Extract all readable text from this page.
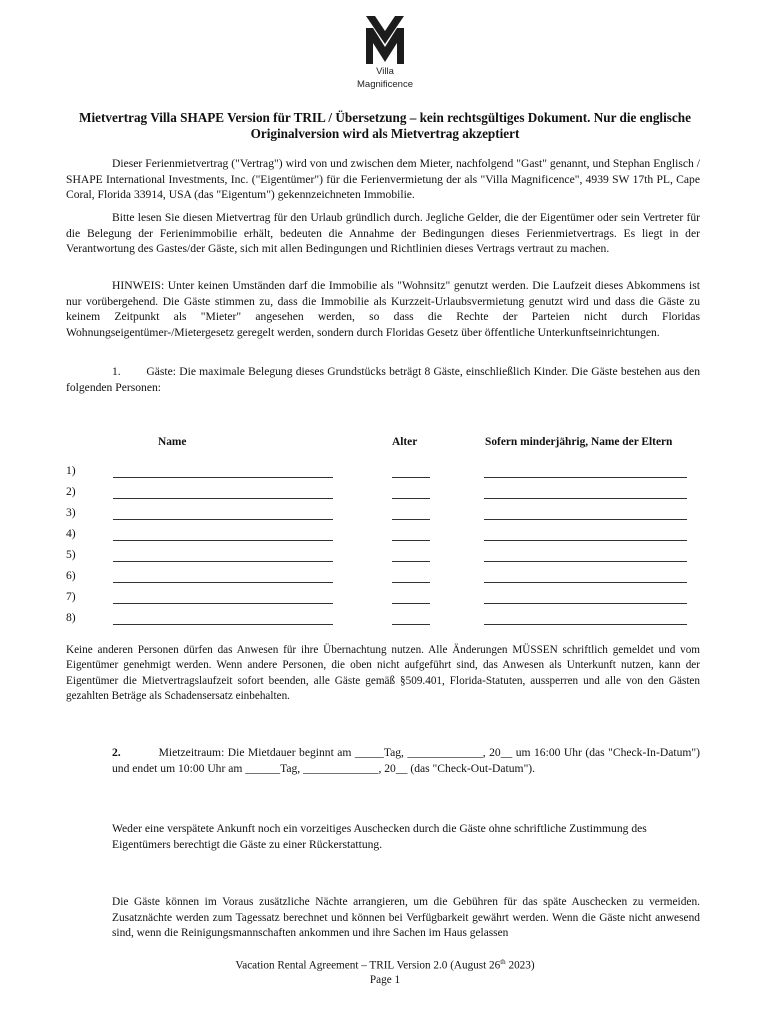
Villa
Magnificence
Mietvertrag Villa SHAPE Version für TRIL / Übersetzung – kein rechtsgültiges Dokument. Nur die englische Originalversion wird als Mietvertrag akzeptiert
Dieser Ferienmietvertrag ("Vertrag") wird von und zwischen dem Mieter, nachfolgend "Gast" genannt, und Stephan Englisch / SHAPE International Investments, Inc. ("Eigentümer") für die Ferienvermietung der als "Villa Magnificence", 4939 SW 17th PL, Cape Coral, Florida 33914, USA (das "Eigentum") gekennzeichneten Immobilie.
Bitte lesen Sie diesen Mietvertrag für den Urlaub gründlich durch. Jegliche Gelder, die der Eigentümer oder sein Vertreter für die Belegung der Ferienimmobilie erhält, bedeuten die Annahme der Bedingungen dieses Ferienmietvertrags. Es liegt in der Verantwortung des Gastes/der Gäste, sich mit allen Bedingungen und Richtlinien dieses Vertrags vertraut zu machen.
HINWEIS: Unter keinen Umständen darf die Immobilie als "Wohnsitz" genutzt werden. Die Laufzeit dieses Abkommens ist nur vorübergehend. Die Gäste stimmen zu, dass die Immobilie als Kurzzeit-Urlaubsvermietung genutzt wird und dass die Gäste zu keinem Zeitpunkt als "Mieter" angesehen werden, so dass die Rechte der Parteien nicht durch Floridas Wohnungseigentümer-/Mietergesetz geregelt werden, sondern durch Floridas Gesetz über öffentliche Unterkunftseinrichtungen.
1. Gäste: Die maximale Belegung dieses Grundstücks beträgt 8 Gäste, einschließlich Kinder. Die Gäste bestehen aus den folgenden Personen:
Name	Alter	Sofern minderjährig, Name der Eltern
1)
2)
3)
4)
5)
6)
7)
8)
Keine anderen Personen dürfen das Anwesen für ihre Übernachtung nutzen. Alle Änderungen MÜSSEN schriftlich gemeldet und vom Eigentümer genehmigt werden. Wenn andere Personen, die oben nicht aufgeführt sind, das Anwesen als Unterkunft nutzen, kann der Eigentümer die Mietvertragslaufzeit sofort beenden, alle Gäste gemäß §509.401, Florida-Statuten, aussperren und alle von den Gästen gezahlten Beträge als Schadensersatz einbehalten.
2.	Mietzeitraum: Die Mietdauer beginnt am _____Tag, _____________, 20__ um 16:00 Uhr (das "Check-In-Datum") und endet um 10:00 Uhr am ______Tag, _____________, 20__ (das "Check-Out-Datum").
Weder eine verspätete Ankunft noch ein vorzeitiges Auschecken durch die Gäste ohne schriftliche Zustimmung des Eigentümers berechtigt die Gäste zu einer Rückerstattung.
Die Gäste können im Voraus zusätzliche Nächte arrangieren, um die Gebühren für das späte Auschecken zu vermeiden. Zusatznächte werden zum Tagessatz berechnet und können bei Verfügbarkeit gewährt werden. Wenn die Gäste nicht anwesend sind, wenn die Reinigungsmannschaften ankommen und ihre Sachen im Haus gelassen
Vacation Rental Agreement – TRIL Version 2.0 (August 26th 2023)
Page 1
